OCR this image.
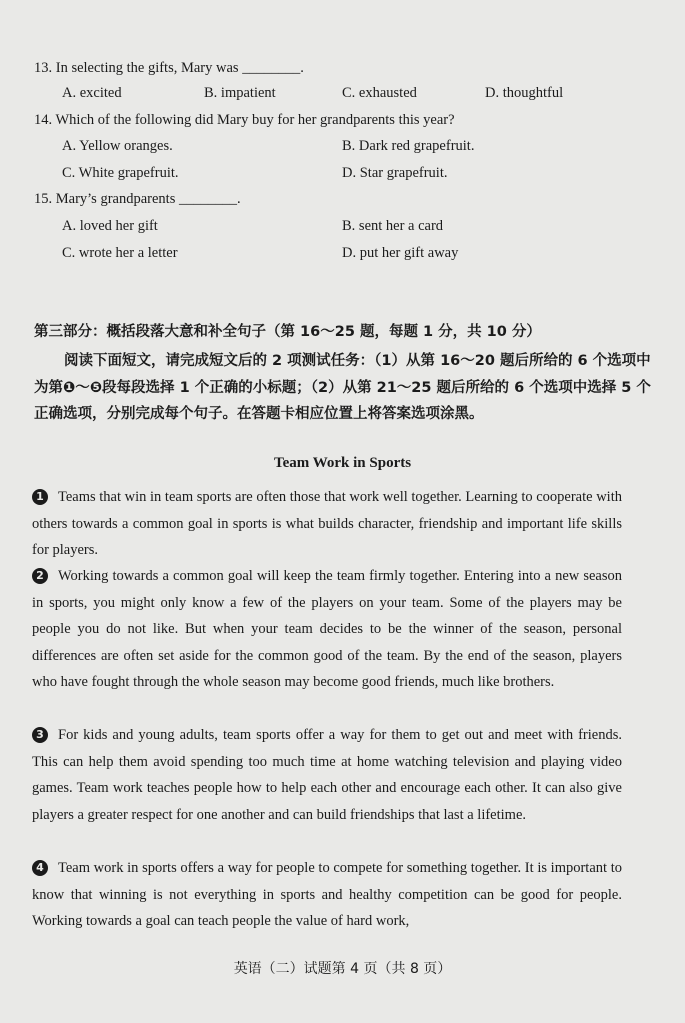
13. In selecting the gifts, Mary was ________.
A. excited	B. impatient	C. exhausted	D. thoughtful
14. Which of the following did Mary buy for her grandparents this year?
A. Yellow oranges.	B. Dark red grapefruit.
C. White grapefruit.	D. Star grapefruit.
15. Mary’s grandparents ________.
A. loved her gift	B. sent her a card
C. wrote her a letter	D. put her gift away
第三部分：概括段落大意和补全句子（第 16～25 题，每题 1 分，共 10 分）
阅读下面短文，请完成短文后的 2 项测试任务：（1）从第 16～20 题后所给的 6 个选项中为第❶～❺段每段选择 1 个正确的小标题；（2）从第 21～25 题后所给的 6 个选项中选择 5 个正确选项，分别完成每个句子。在答题卡相应位置上将答案选项涂黑。
Team Work in Sports
1 Teams that win in team sports are often those that work well together. Learning to cooperate with others towards a common goal in sports is what builds character, friendship and important life skills for players.
2 Working towards a common goal will keep the team firmly together. Entering into a new season in sports, you might only know a few of the players on your team. Some of the players may be people you do not like. But when your team decides to be the winner of the season, personal differences are often set aside for the common good of the team. By the end of the season, players who have fought through the whole season may become good friends, much like brothers.
3 For kids and young adults, team sports offer a way for them to get out and meet with friends. This can help them avoid spending too much time at home watching television and playing video games. Team work teaches people how to help each other and encourage each other. It can also give players a greater respect for one another and can build friendships that last a lifetime.
4 Team work in sports offers a way for people to compete for something together. It is important to know that winning is not everything in sports and healthy competition can be good for people. Working towards a goal can teach people the value of hard work,
英语（二）试题第 4 页（共 8 页）
